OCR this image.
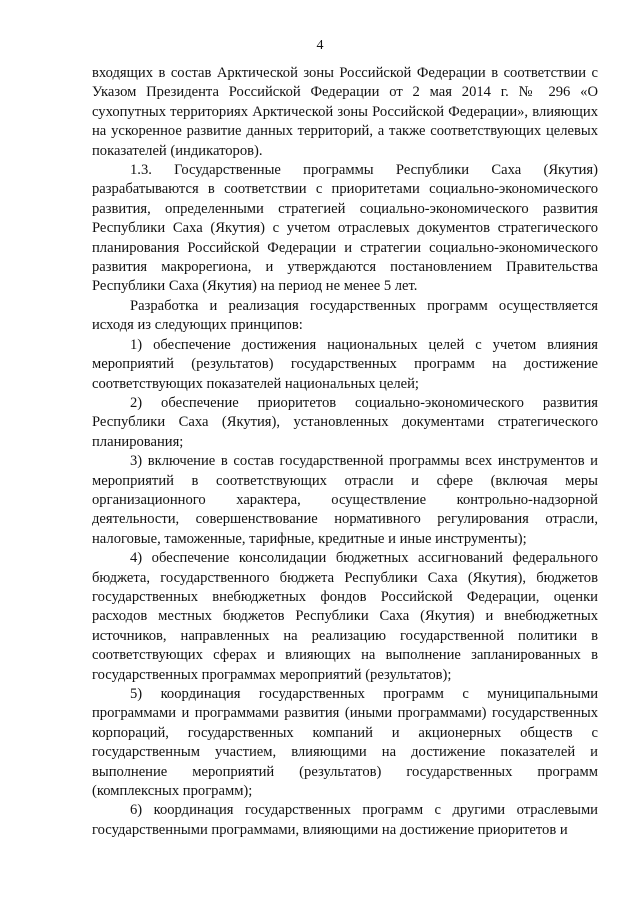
4

входящих в состав Арктической зоны Российской Федерации в соответствии с Указом Президента Российской Федерации от 2 мая 2014 г. № 296 «О сухопутных территориях Арктической зоны Российской Федерации», влияющих на ускоренное развитие данных территорий, а также соответствующих целевых показателей (индикаторов).

1.3. Государственные программы Республики Саха (Якутия) разрабатываются в соответствии с приоритетами социально-экономического развития, определенными стратегией социально-экономического развития Республики Саха (Якутия) с учетом отраслевых документов стратегического планирования Российской Федерации и стратегии социально-экономического развития макрорегиона, и утверждаются постановлением Правительства Республики Саха (Якутия) на период не менее 5 лет.

Разработка и реализация государственных программ осуществляется исходя из следующих принципов:

1) обеспечение достижения национальных целей с учетом влияния мероприятий (результатов) государственных программ на достижение соответствующих показателей национальных целей;

2) обеспечение приоритетов социально-экономического развития Республики Саха (Якутия), установленных документами стратегического планирования;

3) включение в состав государственной программы всех инструментов и мероприятий в соответствующих отрасли и сфере (включая меры организационного характера, осуществление контрольно-надзорной деятельности, совершенствование нормативного регулирования отрасли, налоговые, таможенные, тарифные, кредитные и иные инструменты);

4) обеспечение консолидации бюджетных ассигнований федерального бюджета, государственного бюджета Республики Саха (Якутия), бюджетов государственных внебюджетных фондов Российской Федерации, оценки расходов местных бюджетов Республики Саха (Якутия) и внебюджетных источников, направленных на реализацию государственной политики в соответствующих сферах и влияющих на выполнение запланированных в государственных программах мероприятий (результатов);

5) координация государственных программ с муниципальными программами и программами развития (иными программами) государственных корпораций, государственных компаний и акционерных обществ с государственным участием, влияющими на достижение показателей и выполнение мероприятий (результатов) государственных программ (комплексных программ);

6) координация государственных программ с другими отраслевыми государственными программами, влияющими на достижение приоритетов и
